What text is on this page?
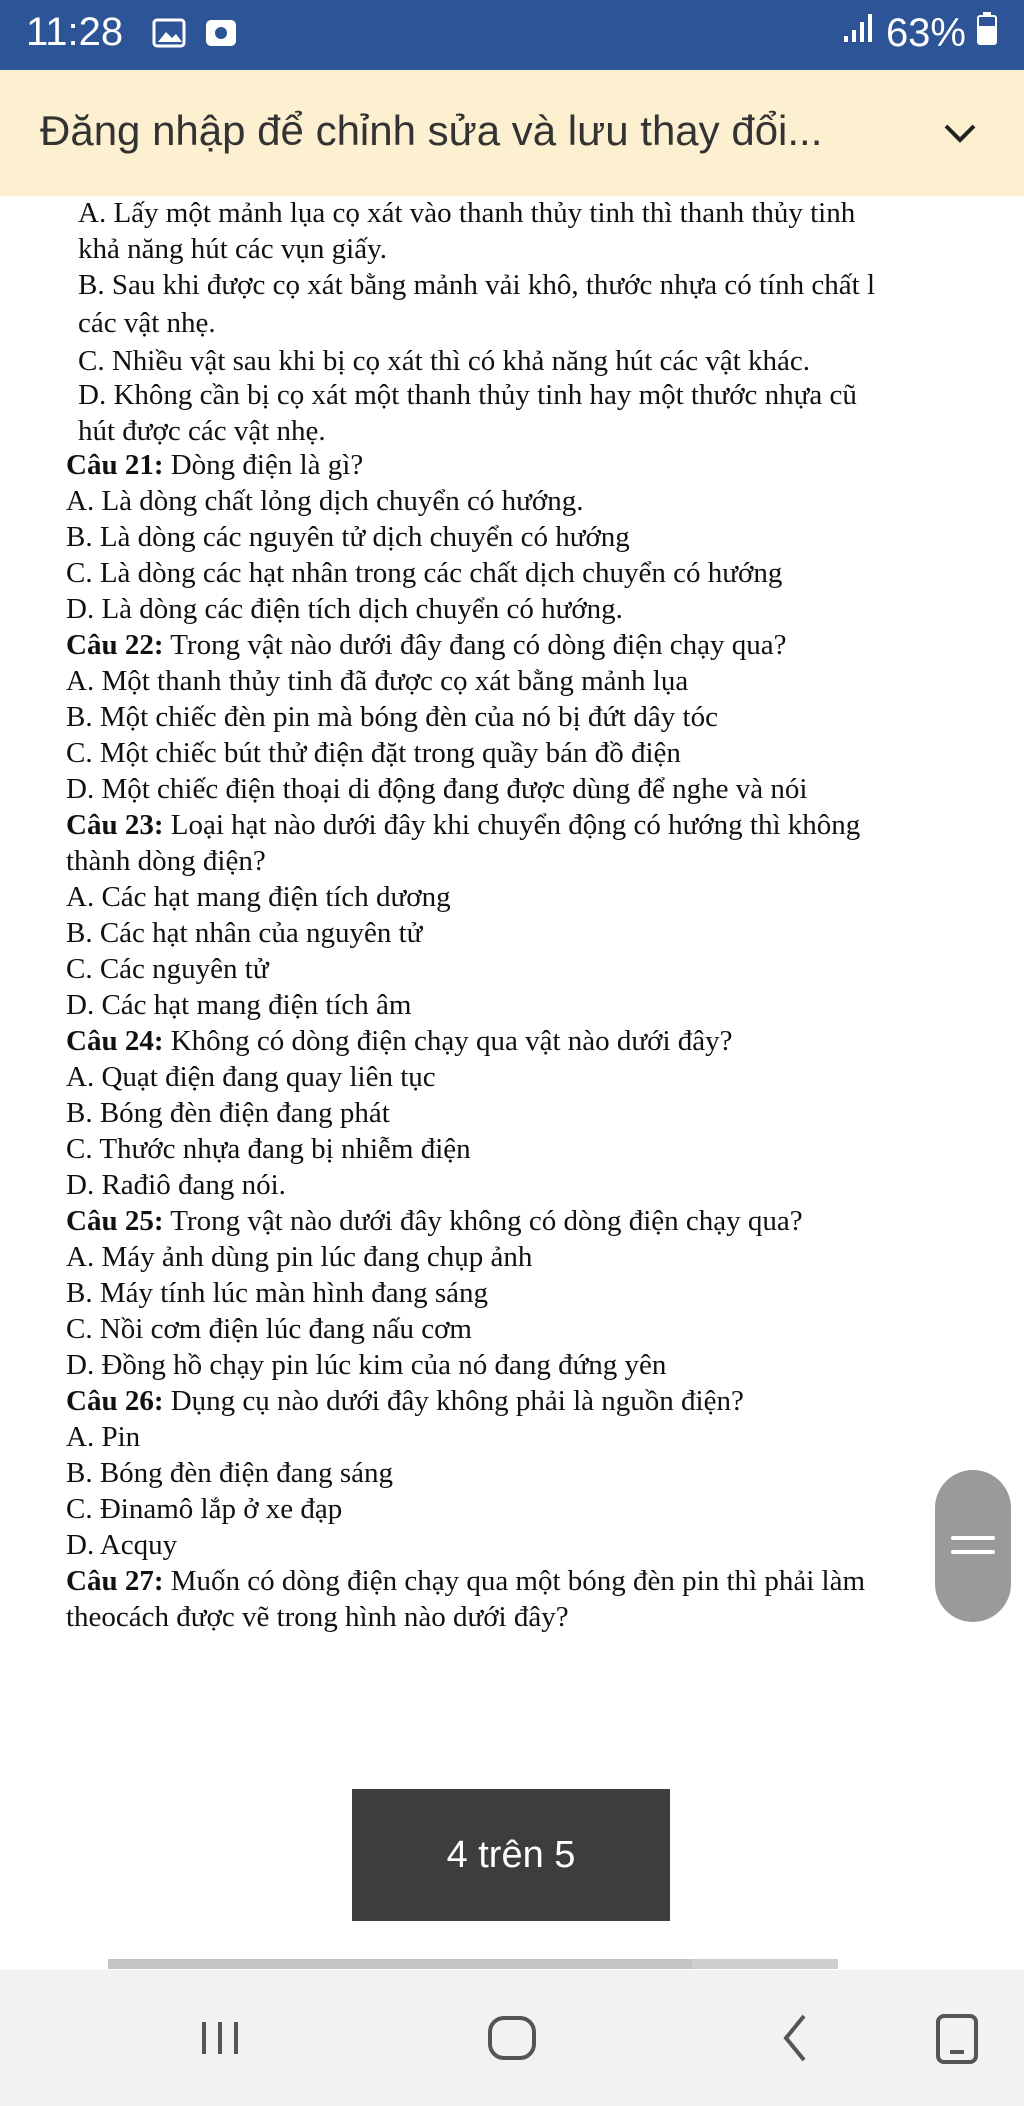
11:28	63%
Đăng nhập để chỉnh sửa và lưu thay đổi...
A. Lấy một mảnh lụa cọ xát vào thanh thủy tinh thì thanh thủy tinh
khả năng hút các vụn giấy.
B. Sau khi được cọ xát bằng mảnh vải khô, thước nhựa có tính chất l
các vật nhẹ.
C. Nhiều vật sau khi bị cọ xát thì có khả năng hút các vật khác.
D. Không cần bị cọ xát một thanh thủy tinh hay một thước nhựa cũ
hút được các vật nhẹ.
Câu 21: Dòng điện là gì?
A. Là dòng chất lỏng dịch chuyển có hướng.
B. Là dòng các nguyên tử dịch chuyển có hướng
C. Là dòng các hạt nhân trong các chất dịch chuyển có hướng
D. Là dòng các điện tích dịch chuyển có hướng.
Câu 22: Trong vật nào dưới đây đang có dòng điện chạy qua?
A. Một thanh thủy tinh đã được cọ xát bằng mảnh lụa
B. Một chiếc đèn pin mà bóng đèn của nó bị đứt dây tóc
C. Một chiếc bút thử điện đặt trong quầy bán đồ điện
D. Một chiếc điện thoại di động đang được dùng để nghe và nói
Câu 23: Loại hạt nào dưới đây khi chuyển động có hướng thì không
thành dòng điện?
A. Các hạt mang điện tích dương
B. Các hạt nhân của nguyên tử
C. Các nguyên tử
D. Các hạt mang điện tích âm
Câu 24: Không có dòng điện chạy qua vật nào dưới đây?
A. Quạt điện đang quay liên tục
B. Bóng đèn điện đang phát
C. Thước nhựa đang bị nhiễm điện
D. Rađiô đang nói.
Câu 25: Trong vật nào dưới đây không có dòng điện chạy qua?
A. Máy ảnh dùng pin lúc đang chụp ảnh
B. Máy tính lúc màn hình đang sáng
C. Nồi cơm điện lúc đang nấu cơm
D. Đồng hồ chạy pin lúc kim của nó đang đứng yên
Câu 26: Dụng cụ nào dưới đây không phải là nguồn điện?
A. Pin
B. Bóng đèn điện đang sáng
C. Đinamô lắp ở xe đạp
D. Acquy
Câu 27: Muốn có dòng điện chạy qua một bóng đèn pin thì phải làm
theocách được vẽ trong hình nào dưới đây?
4 trên 5
